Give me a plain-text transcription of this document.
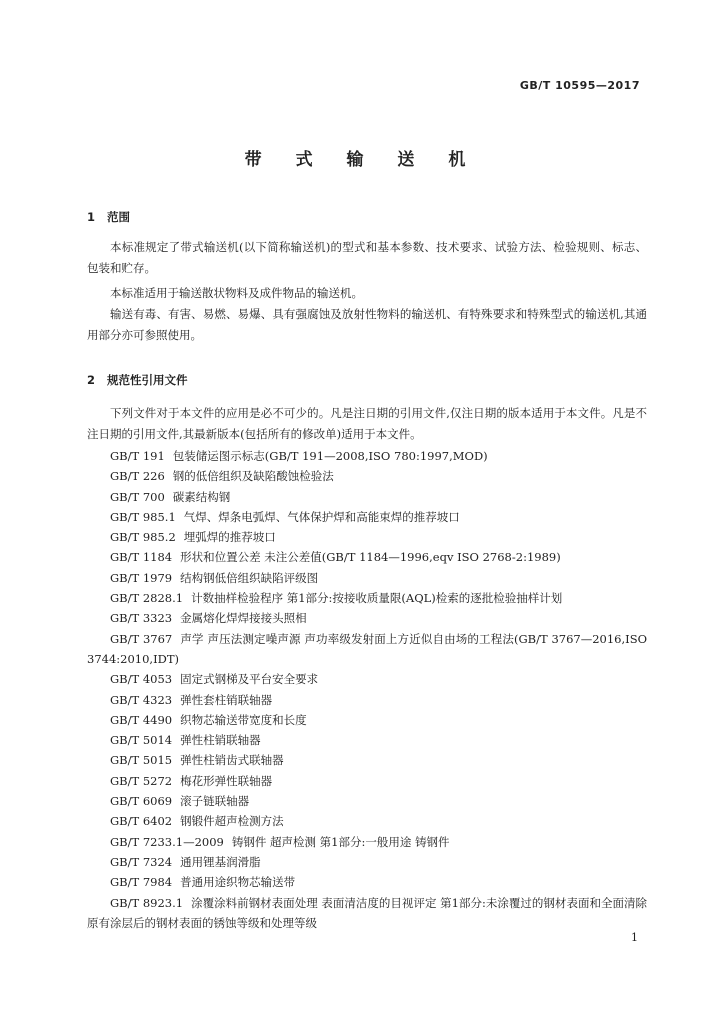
GB/T 10595—2017
带 式 输 送 机
1 范围
本标准规定了带式输送机(以下简称输送机)的型式和基本参数、技术要求、试验方法、检验规则、标志、包装和贮存。
本标准适用于输送散状物料及成件物品的输送机。
输送有毒、有害、易燃、易爆、具有强腐蚀及放射性物料的输送机、有特殊要求和特殊型式的输送机,其通用部分亦可参照使用。
2 规范性引用文件
下列文件对于本文件的应用是必不可少的。凡是注日期的引用文件,仅注日期的版本适用于本文件。凡是不注日期的引用文件,其最新版本(包括所有的修改单)适用于本文件。
GB/T 191 包装储运图示标志(GB/T 191—2008,ISO 780:1997,MOD)
GB/T 226 钢的低倍组织及缺陷酸蚀检验法
GB/T 700 碳素结构钢
GB/T 985.1 气焊、焊条电弧焊、气体保护焊和高能束焊的推荐坡口
GB/T 985.2 埋弧焊的推荐坡口
GB/T 1184 形状和位置公差 未注公差值(GB/T 1184—1996,eqv ISO 2768-2:1989)
GB/T 1979 结构钢低倍组织缺陷评级图
GB/T 2828.1 计数抽样检验程序 第1部分:按接收质量限(AQL)检索的逐批检验抽样计划
GB/T 3323 金属熔化焊焊接接头照相
GB/T 3767 声学 声压法测定噪声源 声功率级发射面上方近似自由场的工程法(GB/T 3767—2016,ISO 3744:2010,IDT)
GB/T 4053 固定式钢梯及平台安全要求
GB/T 4323 弹性套柱销联轴器
GB/T 4490 织物芯输送带宽度和长度
GB/T 5014 弹性柱销联轴器
GB/T 5015 弹性柱销齿式联轴器
GB/T 5272 梅花形弹性联轴器
GB/T 6069 滚子链联轴器
GB/T 6402 钢锻件超声检测方法
GB/T 7233.1—2009 铸钢件 超声检测 第1部分:一般用途 铸钢件
GB/T 7324 通用锂基润滑脂
GB/T 7984 普通用途织物芯输送带
GB/T 8923.1 涂覆涂料前钢材表面处理 表面清洁度的目视评定 第1部分:未涂覆过的钢材表面和全面清除原有涂层后的钢材表面的锈蚀等级和处理等级
1
